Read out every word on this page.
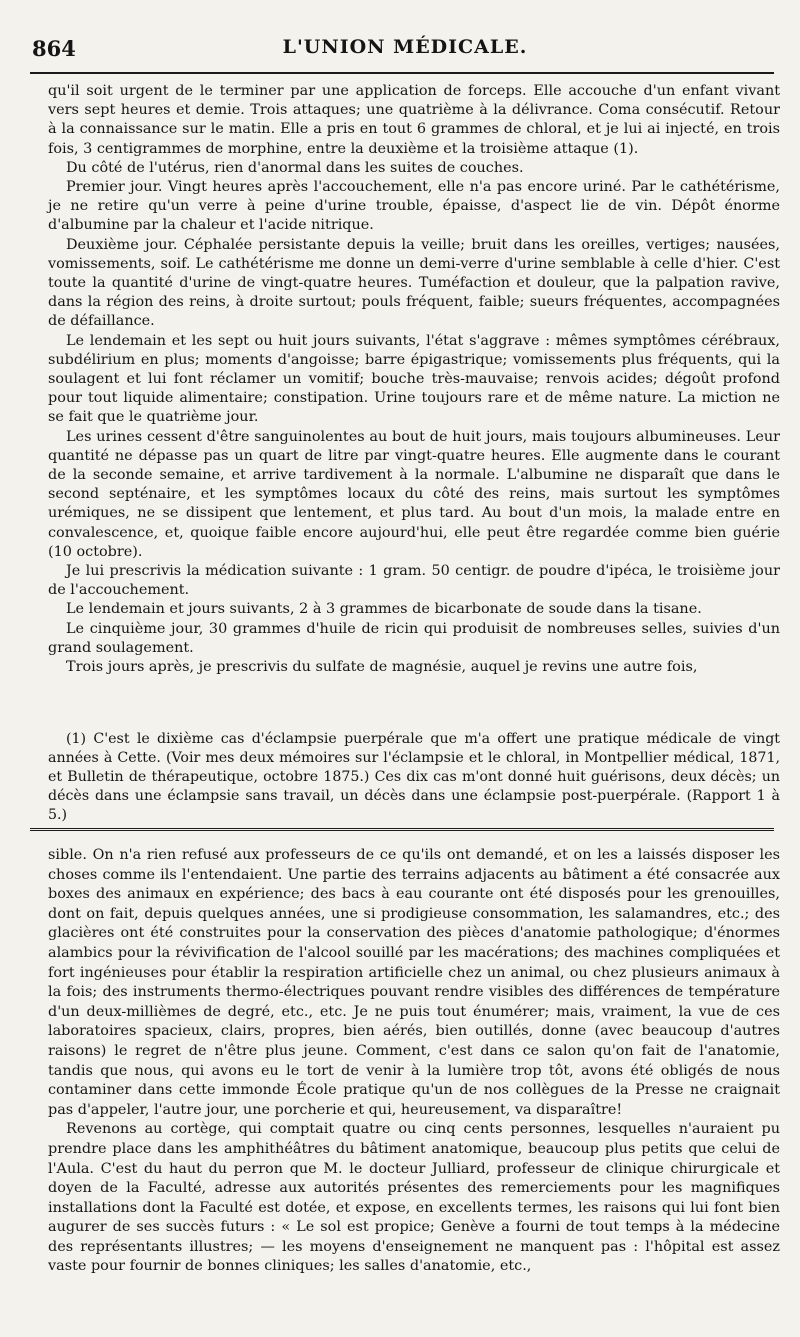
864	L'UNION MÉDICALE.

qu'il soit urgent de le terminer par une application de forceps. Elle accouche d'un enfant vivant vers sept heures et demie. Trois attaques; une quatrième à la délivrance. Coma consécutif. Retour à la connaissance sur le matin. Elle a pris en tout 6 grammes de chloral, et je lui ai injecté, en trois fois, 3 centigrammes de morphine, entre la deuxième et la troisième attaque (1).

Du côté de l'utérus, rien d'anormal dans les suites de couches.

Premier jour. Vingt heures après l'accouchement, elle n'a pas encore uriné. Par le cathétérisme, je ne retire qu'un verre à peine d'urine trouble, épaisse, d'aspect lie de vin. Dépôt énorme d'albumine par la chaleur et l'acide nitrique.

Deuxième jour. Céphalée persistante depuis la veille; bruit dans les oreilles, vertiges; nausées, vomissements, soif. Le cathétérisme me donne un demi-verre d'urine semblable à celle d'hier. C'est toute la quantité d'urine de vingt-quatre heures. Tuméfaction et douleur, que la palpation ravive, dans la région des reins, à droite surtout; pouls fréquent, faible; sueurs fréquentes, accompagnées de défaillance.

Le lendemain et les sept ou huit jours suivants, l'état s'aggrave : mêmes symptômes cérébraux, subdélirium en plus; moments d'angoisse; barre épigastrique; vomissements plus fréquents, qui la soulagent et lui font réclamer un vomitif; bouche très-mauvaise; renvois acides; dégoût profond pour tout liquide alimentaire; constipation. Urine toujours rare et de même nature. La miction ne se fait que le quatrième jour.

Les urines cessent d'être sanguinolentes au bout de huit jours, mais toujours albumineuses. Leur quantité ne dépasse pas un quart de litre par vingt-quatre heures. Elle augmente dans le courant de la seconde semaine, et arrive tardivement à la normale. L'albumine ne disparaît que dans le second septénaire, et les symptômes locaux du côté des reins, mais surtout les symptômes urémiques, ne se dissipent que lentement, et plus tard. Au bout d'un mois, la malade entre en convalescence, et, quoique faible encore aujourd'hui, elle peut être regardée comme bien guérie (10 octobre).

Je lui prescrivis la médication suivante : 1 gram. 50 centigr. de poudre d'ipéca, le troisième jour de l'accouchement.

Le lendemain et jours suivants, 2 à 3 grammes de bicarbonate de soude dans la tisane.

Le cinquième jour, 30 grammes d'huile de ricin qui produisit de nombreuses selles, suivies d'un grand soulagement.

Trois jours après, je prescrivis du sulfate de magnésie, auquel je revins une autre fois,

(1) C'est le dixième cas d'éclampsie puerpérale que m'a offert une pratique médicale de vingt années à Cette. (Voir mes deux mémoires sur l'éclampsie et le chloral, in Montpellier médical, 1871, et Bulletin de thérapeutique, octobre 1875.) Ces dix cas m'ont donné huit guérisons, deux décès; un décès dans une éclampsie sans travail, un décès dans une éclampsie post-puerpérale. (Rapport 1 à 5.)

sible. On n'a rien refusé aux professeurs de ce qu'ils ont demandé, et on les a laissés disposer les choses comme ils l'entendaient. Une partie des terrains adjacents au bâtiment a été consacrée aux boxes des animaux en expérience; des bacs à eau courante ont été disposés pour les grenouilles, dont on fait, depuis quelques années, une si prodigieuse consommation, les salamandres, etc.; des glacières ont été construites pour la conservation des pièces d'anatomie pathologique; d'énormes alambics pour la révivification de l'alcool souillé par les macérations; des machines compliquées et fort ingénieuses pour établir la respiration artificielle chez un animal, ou chez plusieurs animaux à la fois; des instruments thermo-électriques pouvant rendre visibles des différences de température d'un deux-millièmes de degré, etc., etc. Je ne puis tout énumérer; mais, vraiment, la vue de ces laboratoires spacieux, clairs, propres, bien aérés, bien outillés, donne (avec beaucoup d'autres raisons) le regret de n'être plus jeune. Comment, c'est dans ce salon qu'on fait de l'anatomie, tandis que nous, qui avons eu le tort de venir à la lumière trop tôt, avons été obligés de nous contaminer dans cette immonde École pratique qu'un de nos collègues de la Presse ne craignait pas d'appeler, l'autre jour, une porcherie et qui, heureusement, va disparaître!

Revenons au cortège, qui comptait quatre ou cinq cents personnes, lesquelles n'auraient pu prendre place dans les amphithéâtres du bâtiment anatomique, beaucoup plus petits que celui de l'Aula. C'est du haut du perron que M. le docteur Julliard, professeur de clinique chirurgicale et doyen de la Faculté, adresse aux autorités présentes des remerciements pour les magnifiques installations dont la Faculté est dotée, et expose, en excellents termes, les raisons qui lui font bien augurer de ses succès futurs : « Le sol est propice; Genève a fourni de tout temps à la médecine des représentants illustres; — les moyens d'enseignement ne manquent pas : l'hôpital est assez vaste pour fournir de bonnes cliniques; les salles d'anatomie, etc.,
